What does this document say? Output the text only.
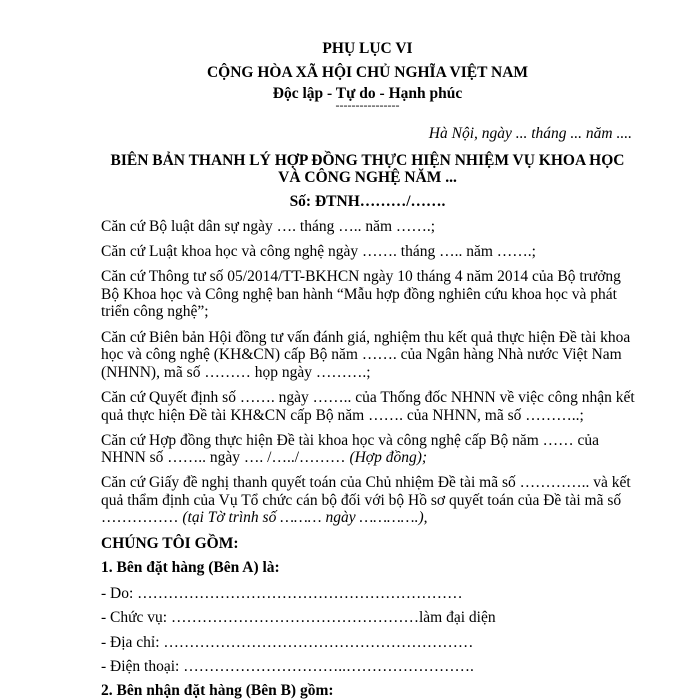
PHỤ LỤC VI
CỘNG HÒA XÃ HỘI CHỦ NGHĨA VIỆT NAM
Độc lập - Tự do - Hạnh phúc
----------------
Hà Nội, ngày ... tháng ... năm ....
BIÊN BẢN THANH LÝ HỢP ĐỒNG THỰC HIỆN NHIỆM VỤ KHOA HỌC
VÀ CÔNG NGHỆ NĂM ...
Số: ĐTNH………/…….
Căn cứ Bộ luật dân sự ngày …. tháng ….. năm …….;
Căn cứ Luật khoa học và công nghệ ngày ……. tháng ….. năm …….;
Căn cứ Thông tư số 05/2014/TT-BKHCN ngày 10 tháng 4 năm 2014 của Bộ trưởng
Bộ Khoa học và Công nghệ ban hành “Mẫu hợp đồng nghiên cứu khoa học và phát
triển công nghệ”;
Căn cứ Biên bản Hội đồng tư vấn đánh giá, nghiệm thu kết quả thực hiện Đề tài khoa
học và công nghệ (KH&CN) cấp Bộ năm ……. của Ngân hàng Nhà nước Việt Nam
(NHNN), mã số ……… họp ngày ……….;
Căn cứ Quyết định số ……. ngày …….. của Thống đốc NHNN về việc công nhận kết
quả thực hiện Đề tài KH&CN cấp Bộ năm ……. của NHNN, mã số ………..;
Căn cứ Hợp đồng thực hiện Đề tài khoa học và công nghệ cấp Bộ năm …… của
NHNN số …….. ngày …. /…../……… (Hợp đồng);
Căn cứ Giấy đề nghị thanh quyết toán của Chủ nhiệm Đề tài mã số ………….. và kết
quả thẩm định của Vụ Tổ chức cán bộ đối với bộ Hồ sơ quyết toán của Đề tài mã số
…………… (tại Tờ trình số ……… ngày ………….),
CHÚNG TÔI GỒM:
1. Bên đặt hàng (Bên A) là:
- Do: ………………………………………………………
- Chức vụ: …………………………………………làm đại diện
- Địa chỉ: ……………………………………………………
- Điện thoại: …………………………..…………………….
2. Bên nhận đặt hàng (Bên B) gồm:
